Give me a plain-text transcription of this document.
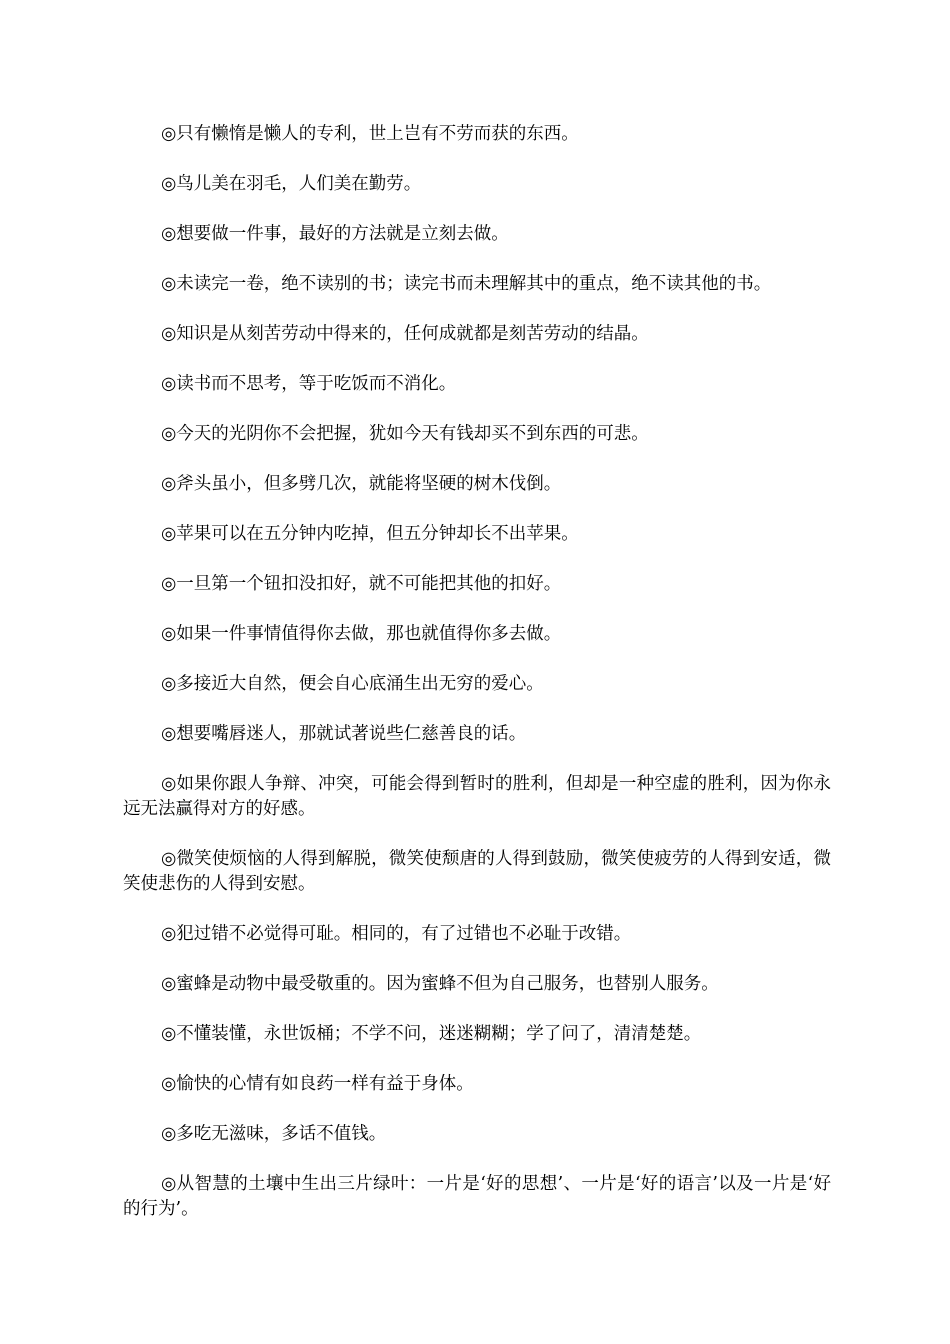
◎只有懒惰是懒人的专利，世上岂有不劳而获的东西。

◎鸟儿美在羽毛，人们美在勤劳。

◎想要做一件事，最好的方法就是立刻去做。

◎未读完一卷，绝不读别的书；读完书而未理解其中的重点，绝不读其他的书。

◎知识是从刻苦劳动中得来的，任何成就都是刻苦劳动的结晶。

◎读书而不思考，等于吃饭而不消化。

◎今天的光阴你不会把握，犹如今天有钱却买不到东西的可悲。

◎斧头虽小，但多劈几次，就能将坚硬的树木伐倒。

◎苹果可以在五分钟内吃掉，但五分钟却长不出苹果。

◎一旦第一个钮扣没扣好，就不可能把其他的扣好。

◎如果一件事情值得你去做，那也就值得你多去做。

◎多接近大自然，便会自心底涌生出无穷的爱心。

◎想要嘴唇迷人，那就试著说些仁慈善良的话。

◎如果你跟人争辩、冲突，可能会得到暂时的胜利，但却是一种空虚的胜利，因为你永远无法赢得对方的好感。

◎微笑使烦恼的人得到解脱，微笑使颓唐的人得到鼓励，微笑使疲劳的人得到安适，微笑使悲伤的人得到安慰。

◎犯过错不必觉得可耻。相同的，有了过错也不必耻于改错。

◎蜜蜂是动物中最受敬重的。因为蜜蜂不但为自己服务，也替别人服务。

◎不懂装懂，永世饭桶；不学不问，迷迷糊糊；学了问了，清清楚楚。

◎愉快的心情有如良药一样有益于身体。

◎多吃无滋味，多话不值钱。

◎从智慧的土壤中生出三片绿叶：一片是‘好的思想’、一片是‘好的语言’以及一片是‘好的行为’。
